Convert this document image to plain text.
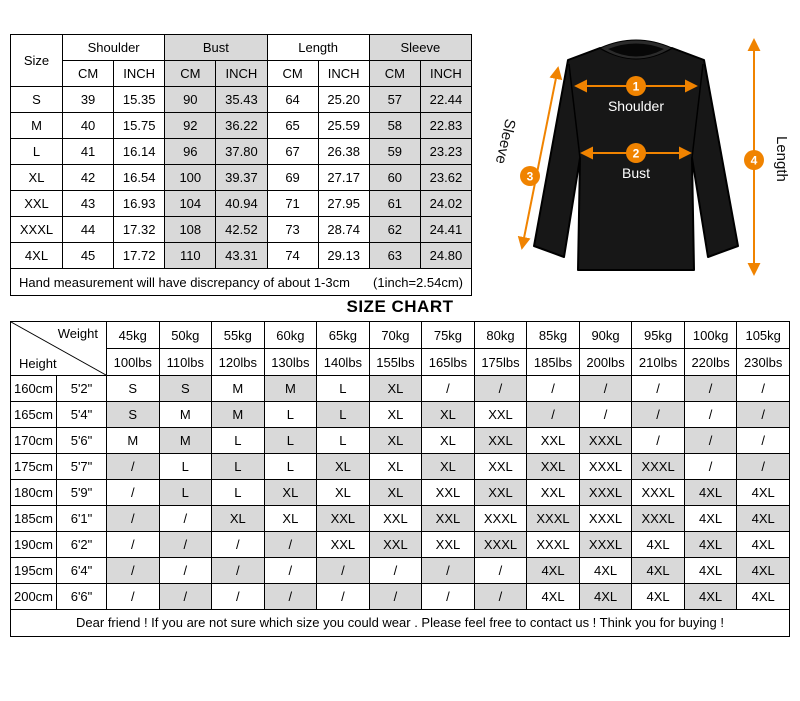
Size	Shoulder		Bust		Length		Sleeve	
	CM	INCH	CM	INCH	CM	INCH	CM	INCH
S	39	15.35	90	35.43	64	25.20	57	22.44
M	40	15.75	92	36.22	65	25.59	58	22.83
L	41	16.14	96	37.80	67	26.38	59	23.23
XL	42	16.54	100	39.37	69	27.17	60	23.62
XXL	43	16.93	104	40.94	71	27.95	61	24.02
XXXL	44	17.32	108	42.52	73	28.74	62	24.41
4XL	45	17.72	110	43.31	74	29.13	63	24.80

Hand measurement will have discrepancy of about 1-3cm (1inch=2.54cm)								
1
Shoulder
2
Bust
3
Sleeve	4 Length
SIZE CHART
Weight
Height		45kg	50kg	55kg	60kg	65kg	70kg	75kg	80kg	85kg	90kg	95kg	100kg	105kg
		100lbs	110lbs	120lbs	130lbs	140lbs	155lbs	165lbs	175lbs	185lbs	200lbs	210lbs	220lbs	230lbs
160cm	5'2"	S	S	M	M	L	XL	/	/	/	/	/	/	/
165cm	5'4"	S	M	M	L	L	XL	XL	XXL	/	/	/	/	/
170cm	5'6"	M	M	L	L	L	XL	XL	XXL	XXL	XXXL	/	/	/
175cm	5'7"	/	L	L	L	XL	XL	XL	XXL	XXL	XXXL	XXXL	/	/
180cm	5'9"	/	L	L	XL	XL	XL	XXL	XXL	XXL	XXXL	XXXL	4XL	4XL
185cm	6'1"	/	/	XL	XL	XXL	XXL	XXL	XXXL	XXXL	XXXL	XXXL	4XL	4XL
190cm	6'2"	/	/	/	/	XXL	XXL	XXL	XXXL	XXXL	XXXL	4XL	4XL	4XL
195cm	6'4"	/	/	/	/	/	/	/	/	4XL	4XL	4XL	4XL	4XL
200cm	6'6"	/	/	/	/	/	/	/	/	4XL	4XL	4XL	4XL	4XL
Dear friend ! If you are not sure which size you could wear . Please feel free to contact us ! Think you for buying !
